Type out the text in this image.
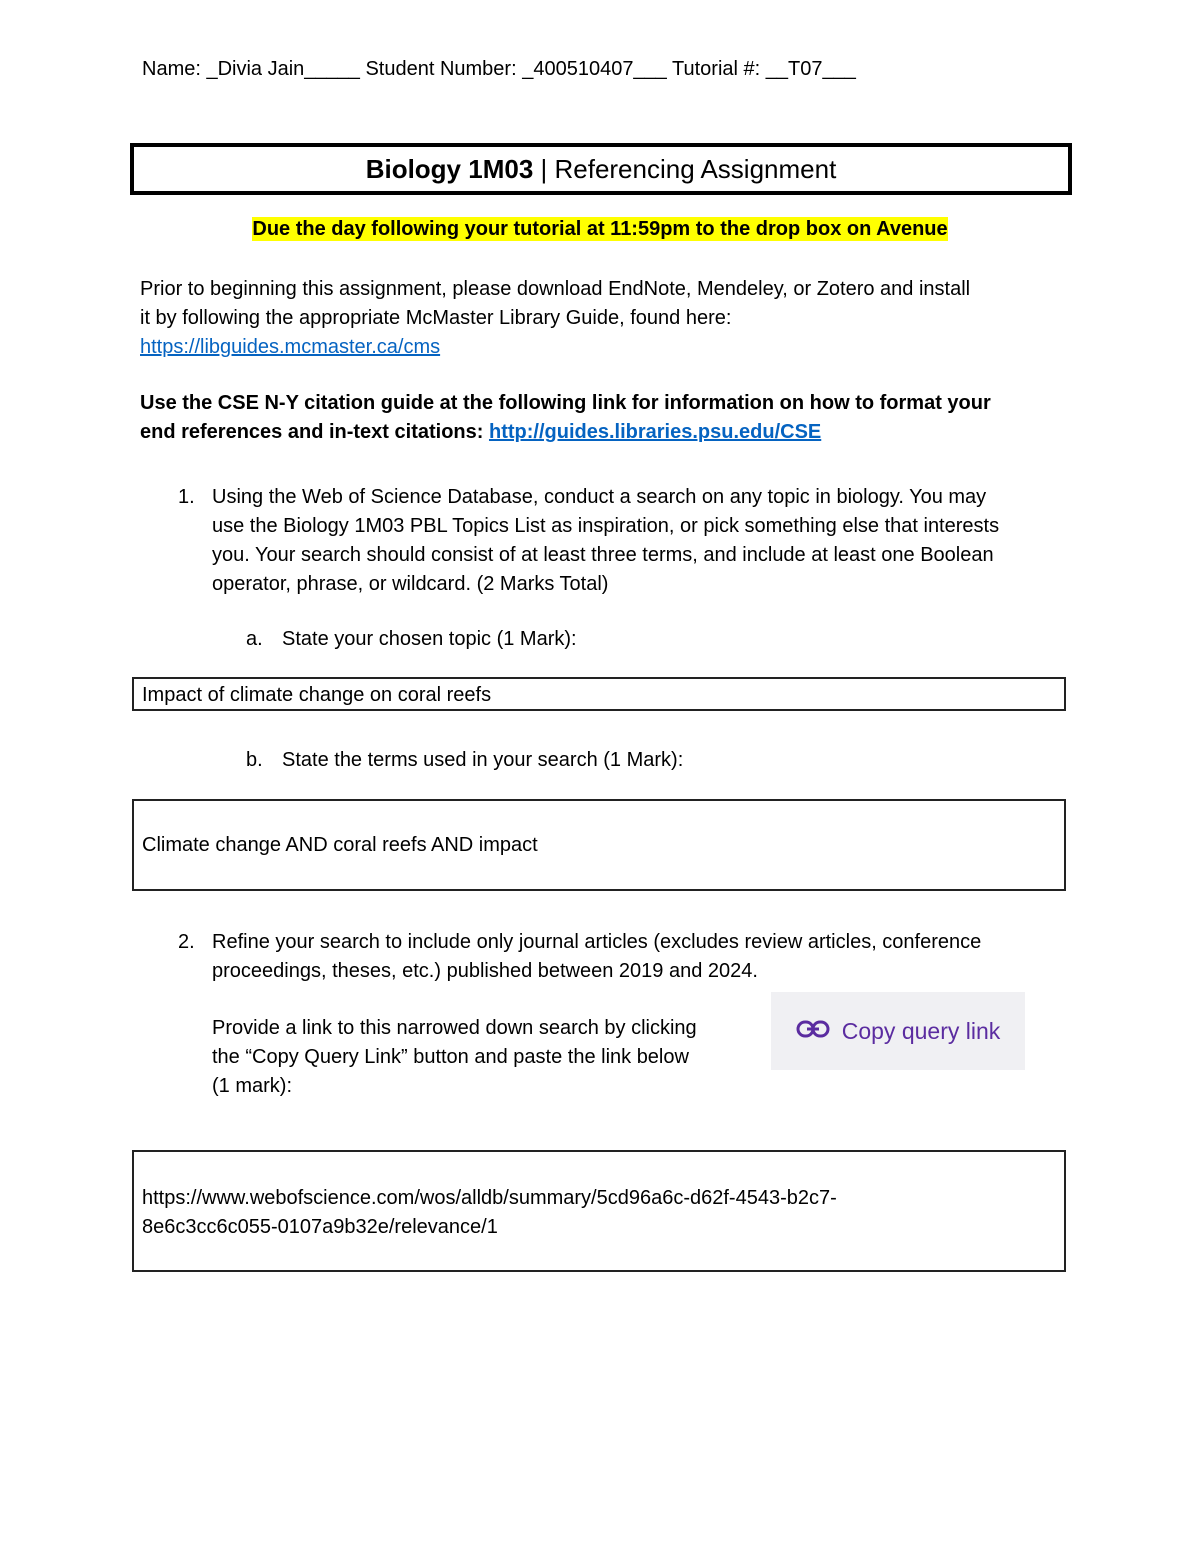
Name: _Divia Jain_____ Student Number: _400510407___ Tutorial #: __T07___
Biology 1M03 | Referencing Assignment
Due the day following your tutorial at 11:59pm to the drop box on Avenue
Prior to beginning this assignment, please download EndNote, Mendeley, or Zotero and install
it by following the appropriate McMaster Library Guide, found here:
https://libguides.mcmaster.ca/cms
Use the CSE N-Y citation guide at the following link for information on how to format your
end references and in-text citations: http://guides.libraries.psu.edu/CSE
1. Using the Web of Science Database, conduct a search on any topic in biology. You may
use the Biology 1M03 PBL Topics List as inspiration, or pick something else that interests
you. Your search should consist of at least three terms, and include at least one Boolean
operator, phrase, or wildcard. (2 Marks Total)
a. State your chosen topic (1 Mark):
Impact of climate change on coral reefs
b. State the terms used in your search (1 Mark):
Climate change AND coral reefs AND impact
2. Refine your search to include only journal articles (excludes review articles, conference
proceedings, theses, etc.) published between 2019 and 2024.
Provide a link to this narrowed down search by clicking
the “Copy Query Link” button and paste the link below
(1 mark):
Copy query link
https://www.webofscience.com/wos/alldb/summary/5cd96a6c-d62f-4543-b2c7-
8e6c3cc6c055-0107a9b32e/relevance/1
